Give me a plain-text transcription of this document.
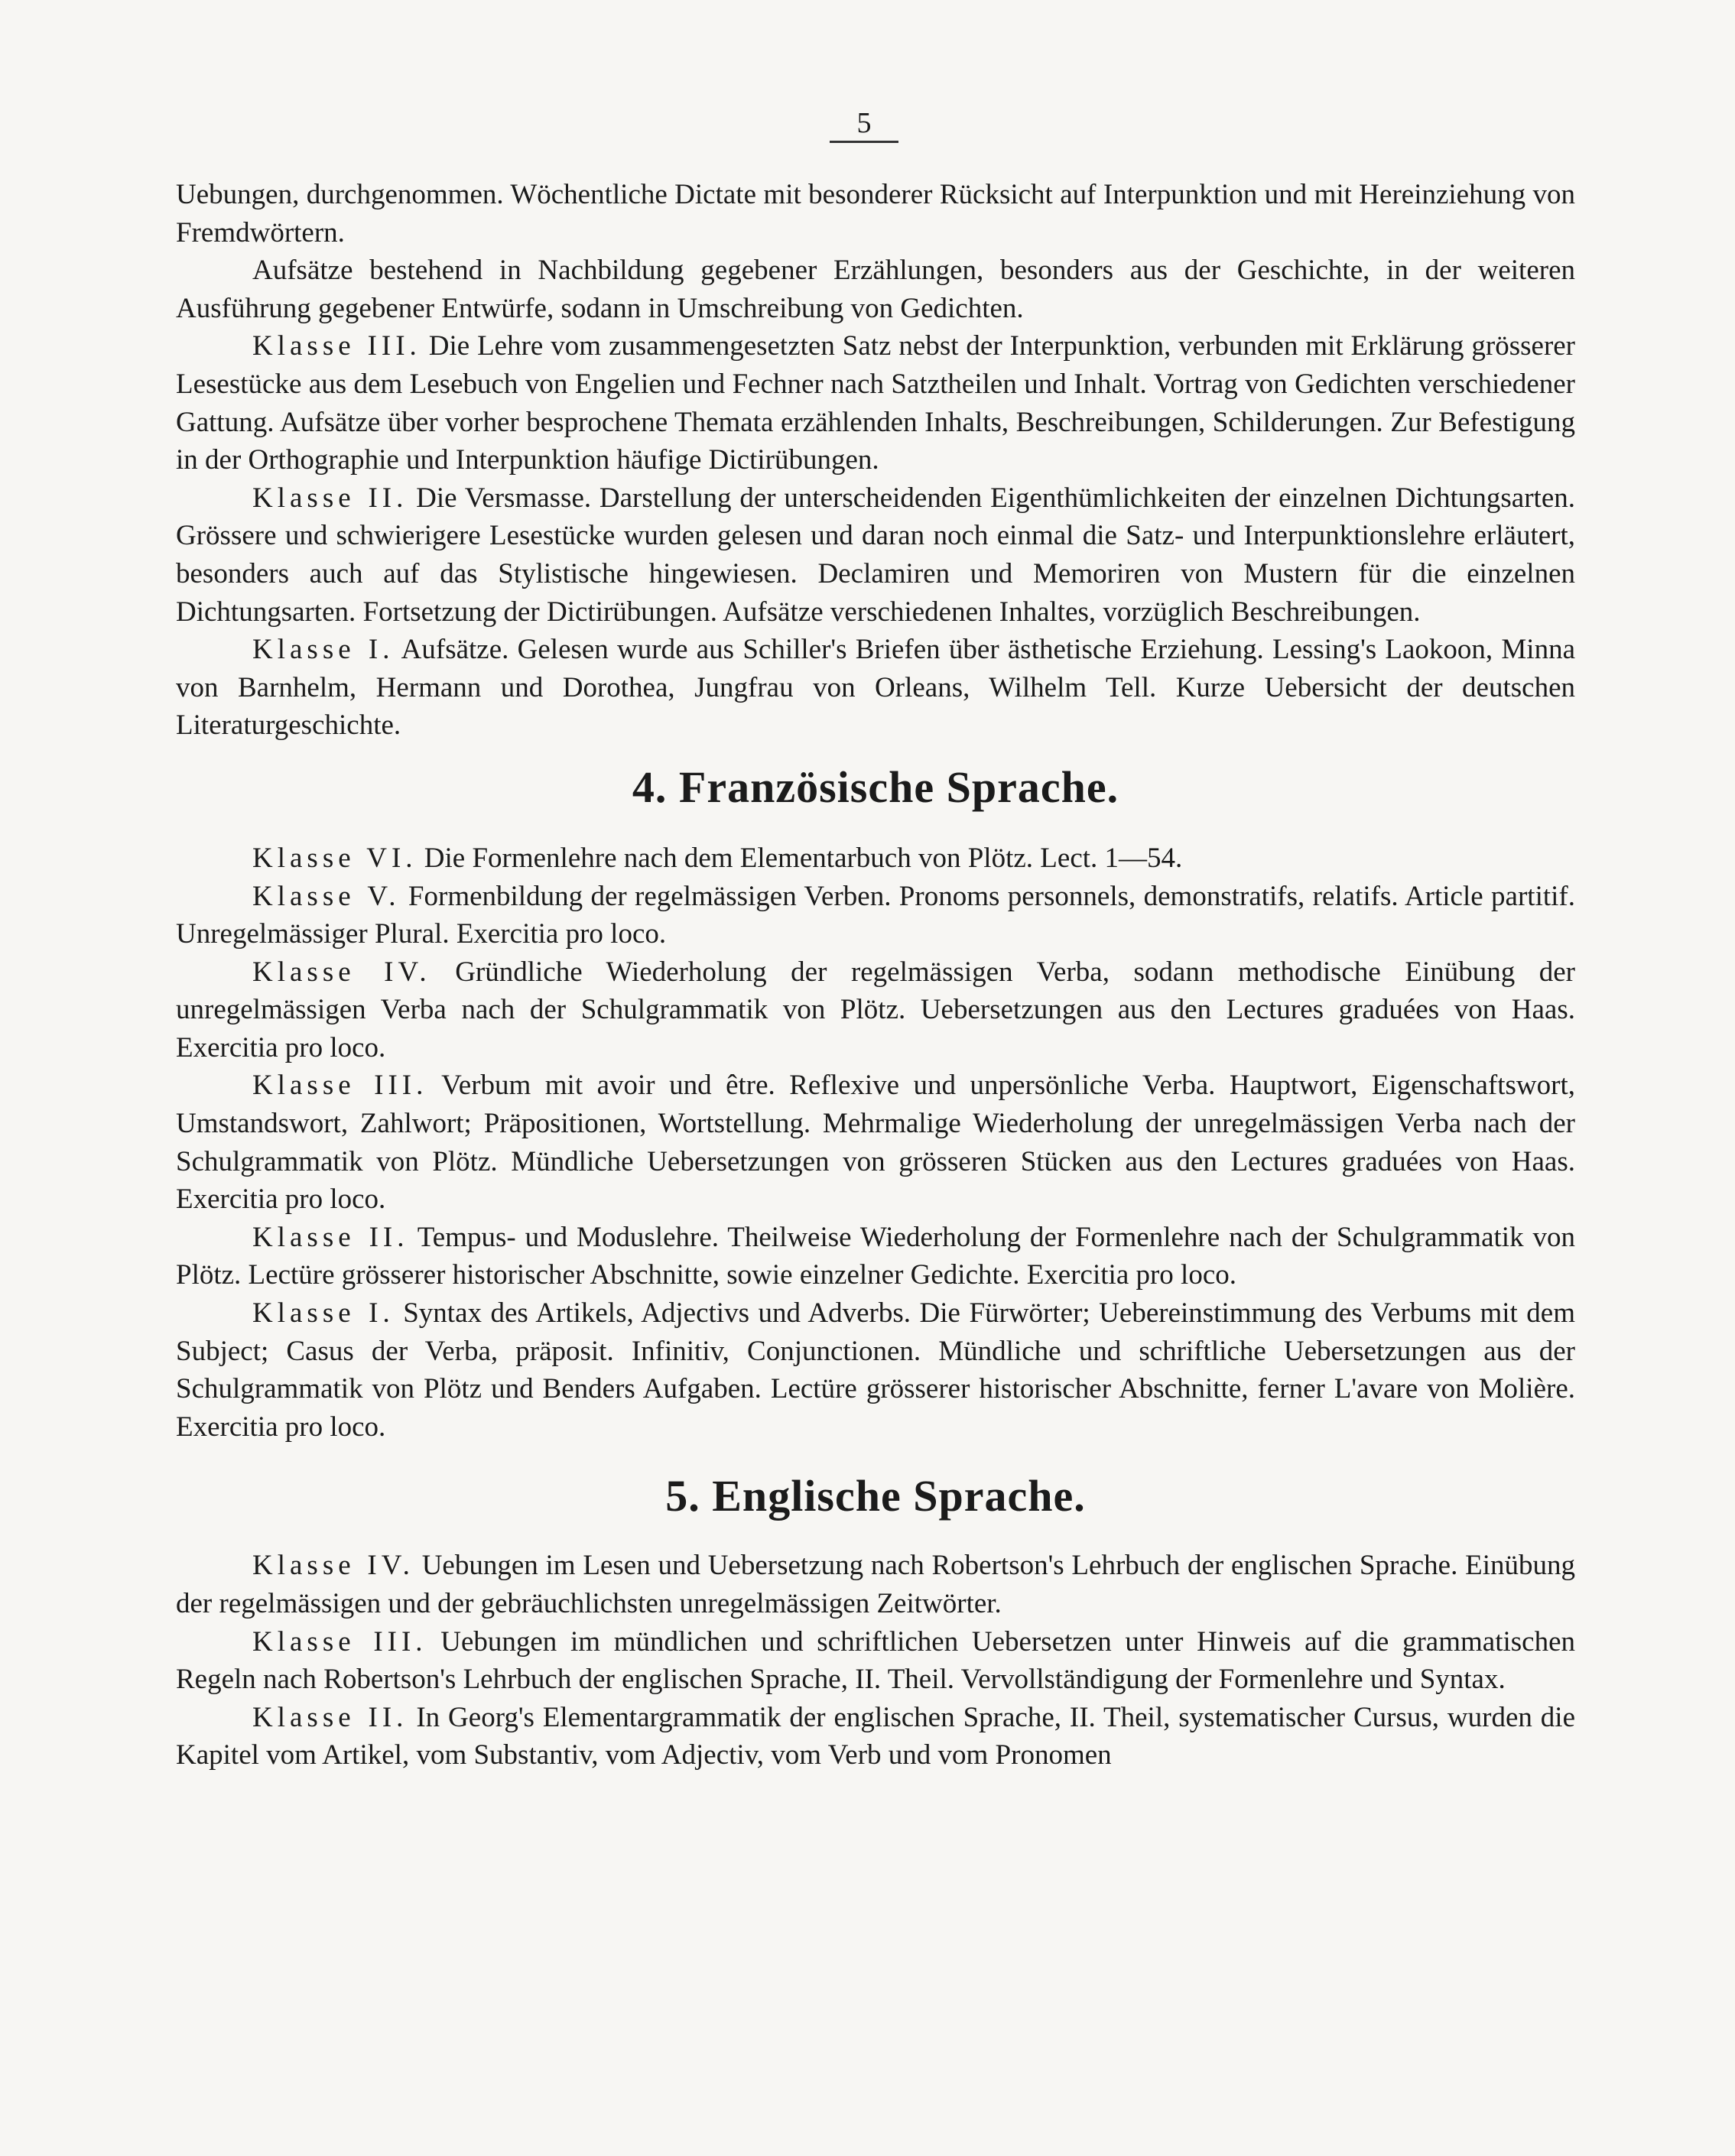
5

Uebungen, durchgenommen. Wöchentliche Dictate mit besonderer Rücksicht auf Interpunktion und mit Hereinziehung von Fremdwörtern.

Aufsätze bestehend in Nachbildung gegebener Erzählungen, besonders aus der Geschichte, in der weiteren Ausführung gegebener Entwürfe, sodann in Umschreibung von Gedichten.

Klasse III. Die Lehre vom zusammengesetzten Satz nebst der Interpunktion, verbunden mit Erklärung grösserer Lesestücke aus dem Lesebuch von Engelien und Fechner nach Satztheilen und Inhalt. Vortrag von Gedichten verschiedener Gattung. Aufsätze über vorher besprochene Themata erzählenden Inhalts, Beschreibungen, Schilderungen. Zur Befestigung in der Orthographie und Interpunktion häufige Dictirübungen.

Klasse II. Die Versmasse. Darstellung der unterscheidenden Eigenthümlichkeiten der einzelnen Dichtungsarten. Grössere und schwierigere Lesestücke wurden gelesen und daran noch einmal die Satz- und Interpunktionslehre erläutert, besonders auch auf das Stylistische hingewiesen. Declamiren und Memoriren von Mustern für die einzelnen Dichtungsarten. Fortsetzung der Dictirübungen. Aufsätze verschiedenen Inhaltes, vorzüglich Beschreibungen.

Klasse I. Aufsätze. Gelesen wurde aus Schiller's Briefen über ästhetische Erziehung. Lessing's Laokoon, Minna von Barnhelm, Hermann und Dorothea, Jungfrau von Orleans, Wilhelm Tell. Kurze Uebersicht der deutschen Literaturgeschichte.

4. Französische Sprache.

Klasse VI. Die Formenlehre nach dem Elementarbuch von Plötz. Lect. 1—54.

Klasse V. Formenbildung der regelmässigen Verben. Pronoms personnels, demonstratifs, relatifs. Article partitif. Unregelmässiger Plural. Exercitia pro loco.

Klasse IV. Gründliche Wiederholung der regelmässigen Verba, sodann methodische Einübung der unregelmässigen Verba nach der Schulgrammatik von Plötz. Uebersetzungen aus den Lectures graduées von Haas. Exercitia pro loco.

Klasse III. Verbum mit avoir und être. Reflexive und unpersönliche Verba. Hauptwort, Eigenschaftswort, Umstandswort, Zahlwort; Präpositionen, Wortstellung. Mehrmalige Wiederholung der unregelmässigen Verba nach der Schulgrammatik von Plötz. Mündliche Uebersetzungen von grösseren Stücken aus den Lectures graduées von Haas. Exercitia pro loco.

Klasse II. Tempus- und Moduslehre. Theilweise Wiederholung der Formenlehre nach der Schulgrammatik von Plötz. Lectüre grösserer historischer Abschnitte, sowie einzelner Gedichte. Exercitia pro loco.

Klasse I. Syntax des Artikels, Adjectivs und Adverbs. Die Fürwörter; Uebereinstimmung des Verbums mit dem Subject; Casus der Verba, präposit. Infinitiv, Conjunctionen. Mündliche und schriftliche Uebersetzungen aus der Schulgrammatik von Plötz und Benders Aufgaben. Lectüre grösserer historischer Abschnitte, ferner L'avare von Molière. Exercitia pro loco.

5. Englische Sprache.

Klasse IV. Uebungen im Lesen und Uebersetzung nach Robertson's Lehrbuch der englischen Sprache. Einübung der regelmässigen und der gebräuchlichsten unregelmässigen Zeitwörter.

Klasse III. Uebungen im mündlichen und schriftlichen Uebersetzen unter Hinweis auf die grammatischen Regeln nach Robertson's Lehrbuch der englischen Sprache, II. Theil. Vervollständigung der Formenlehre und Syntax.

Klasse II. In Georg's Elementargrammatik der englischen Sprache, II. Theil, systematischer Cursus, wurden die Kapitel vom Artikel, vom Substantiv, vom Adjectiv, vom Verb und vom Pronomen
